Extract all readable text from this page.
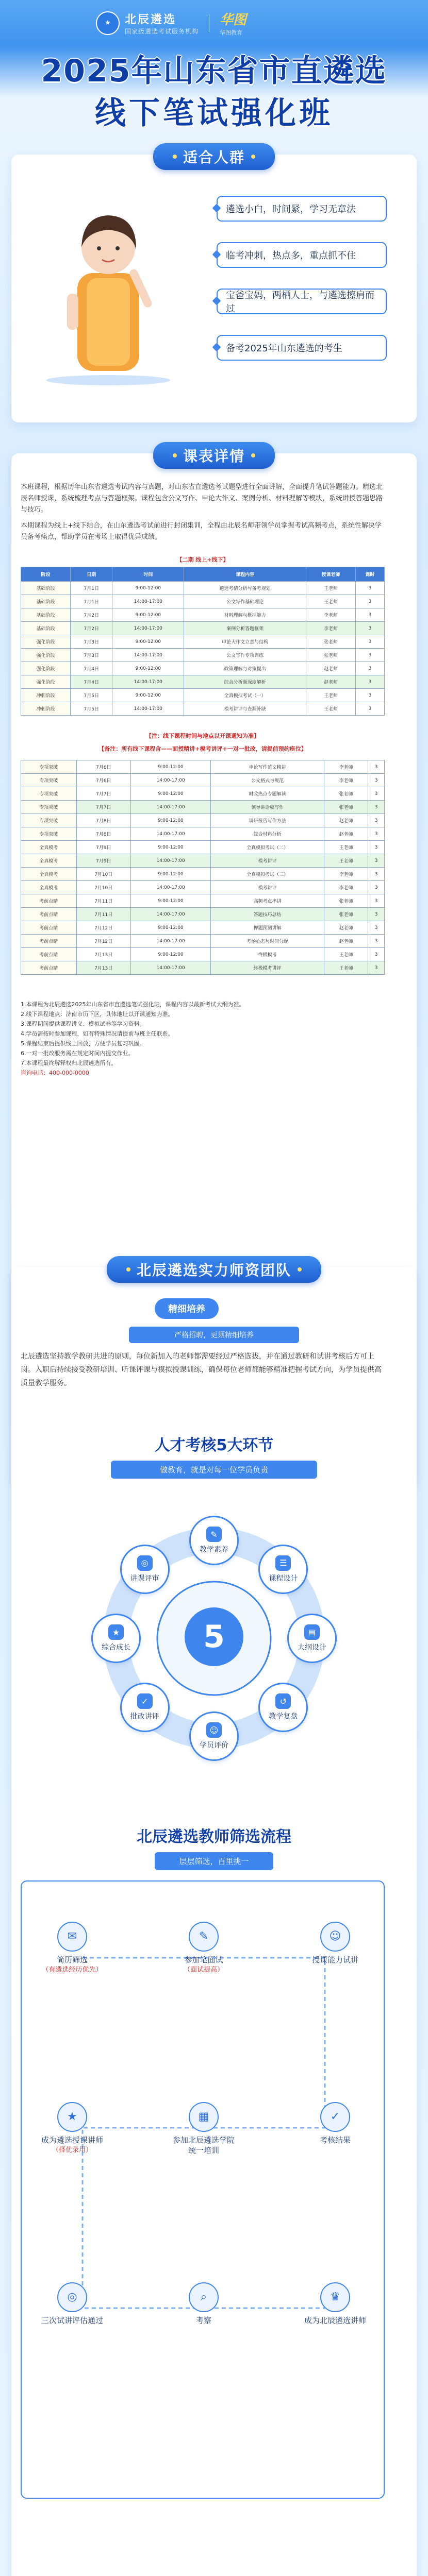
★	北辰遴选
国家级遴选考试服务机构
华图
华图教育
2025年山东省市直遴选
线下笔试强化班
适合人群
遴选小白，时间紧，学习无章法
临考冲刺，热点多，重点抓不住
宝爸宝妈，两栖人士，与遴选擦肩而过
备考2025年山东遴选的考生
课表详情
本班课程，根据历年山东省遴选考试内容与真题，对山东省直遴选考试题型进行全面讲解，全面提升笔试答题能力。精选北辰名师授课，系统梳理考点与答题框架。课程包含公文写作、申论大作文、案例分析、材料理解等模块，系统讲授答题思路与技巧。
本期课程为线上+线下结合，在山东遴选考试前进行封闭集训，全程由北辰名师带领学员掌握考试高频考点，系统性解决学员备考痛点，帮助学员在考场上取得优异成绩。
【二期 线上+线下】
阶段	日期	时间	课程内容	授课老师	课时
基础阶段	7月1日	9:00-12:00	遴选考情分析与备考规划	王老师	3
基础阶段	7月1日	14:00-17:00	公文写作基础理论	王老师	3
基础阶段	7月2日	9:00-12:00	材料理解与概括能力	李老师	3
基础阶段	7月2日	14:00-17:00	案例分析答题框架	李老师	3
强化阶段	7月3日	9:00-12:00	申论大作文立意与结构	张老师	3
强化阶段	7月3日	14:00-17:00	公文写作专项训练	张老师	3
强化阶段	7月4日	9:00-12:00	政策理解与对策提出	赵老师	3
强化阶段	7月4日	14:00-17:00	综合分析题深度解析	赵老师	3
冲刺阶段	7月5日	9:00-12:00	全真模拟考试（一）	王老师	3
冲刺阶段	7月5日	14:00-17:00	模考讲评与查漏补缺	王老师	3
【注：线下课程时间与地点以开课通知为准】
【备注：所有线下课程含——面授精讲+模考讲评+一对一批改，请提前预约座位】
专项突破	7月6日	9:00-12:00	申论写作范文精讲	李老师	3
专项突破	7月6日	14:00-17:00	公文格式与规范	李老师	3
专项突破	7月7日	9:00-12:00	时政热点专题解读	张老师	3
专项突破	7月7日	14:00-17:00	领导讲话稿写作	张老师	3
专项突破	7月8日	9:00-12:00	调研报告写作方法	赵老师	3
专项突破	7月8日	14:00-17:00	综合材料分析	赵老师	3
全真模考	7月9日	9:00-12:00	全真模拟考试（二）	王老师	3
全真模考	7月9日	14:00-17:00	模考讲评	王老师	3
全真模考	7月10日	9:00-12:00	全真模拟考试（三）	李老师	3
全真模考	7月10日	14:00-17:00	模考讲评	李老师	3
考前点睛	7月11日	9:00-12:00	高频考点串讲	张老师	3
考前点睛	7月11日	14:00-17:00	答题技巧总结	张老师	3
考前点睛	7月12日	9:00-12:00	押题预测讲解	赵老师	3
考前点睛	7月12日	14:00-17:00	考场心态与时间分配	赵老师	3
考前点睛	7月13日	9:00-12:00	终极模考	王老师	3
考前点睛	7月13日	14:00-17:00	终极模考讲评	王老师	3
1.本课程为北辰遴选2025年山东省市直遴选笔试强化班，课程内容以最新考试大纲为准。
2.线下课程地点：济南市历下区，具体地址以开课通知为准。
3.课程期间提供课程讲义、模拟试卷等学习资料。
4.学员需按时参加课程，如有特殊情况请提前与班主任联系。
5.课程结束后提供线上回放，方便学员复习巩固。
6.一对一批改服务需在规定时间内提交作业。
7.本课程最终解释权归北辰遴选所有。
咨询电话：400-000-0000
北辰遴选实力师资团队
精细培养
严格招聘，更须精细培养
北辰遴选坚持教学教研共进的原则，每位新加入的老师都需要经过严格选拔，并在通过教研和试讲考核后方可上岗。入职后持续接受教研培训、听课评课与模拟授课训练，确保每位老师都能够精准把握考试方向，为学员提供高质量教学服务。
人才考核5大环节
做教育，就是对每一位学员负责
5
✎
教学素养
☰
课程设计
▤
大纲设计
↺
教学复盘
☺
学员评价
✓
批改讲评
★
综合成长
◎
讲课评审
北辰遴选教师筛选流程
层层筛选，百里挑一
✉
简历筛选
（有遴选经历优先）
✎
参加笔面试
（面试提高）
☺
授课能力试讲
✓
考核结果
▦
参加北辰遴选学院统一培训
★
成为遴选授课讲师
（择优录用）
◎
三次试讲评估通过
⌕
考察
♛
成为北辰遴选讲师
